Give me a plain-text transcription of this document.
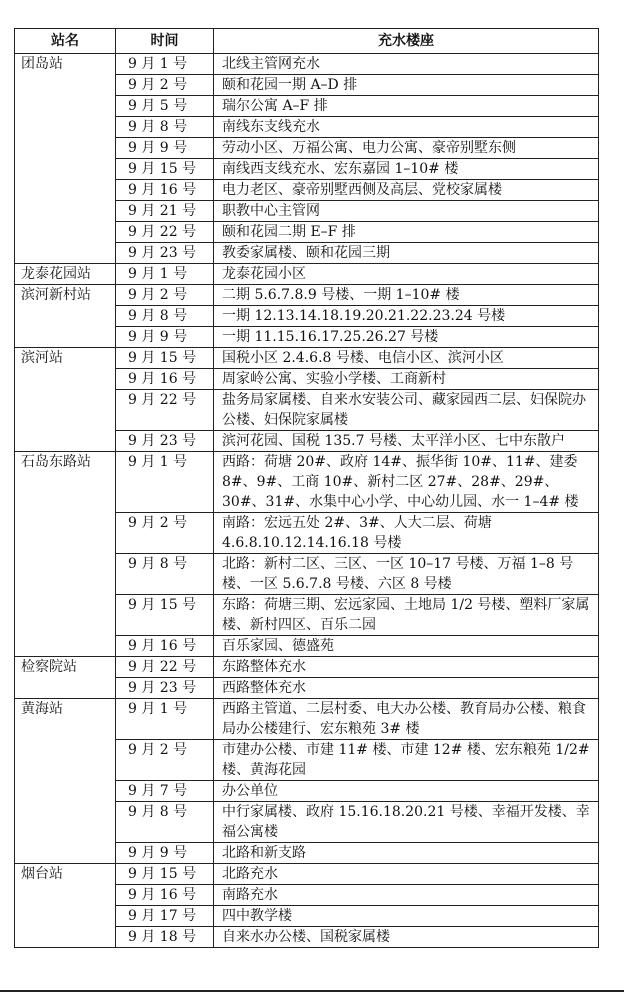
站名	时间	充水楼座
团岛站	9 月 1 号	北线主管网充水
	9 月 2 号	颐和花园一期 A–D 排
	9 月 5 号	瑞尔公寓 A–F 排
	9 月 8 号	南线东支线充水
	9 月 9 号	劳动小区、万福公寓、电力公寓、豪帝别墅东侧
	9 月 15 号	南线西支线充水、宏东嘉园 1–10# 楼
	9 月 16 号	电力老区、豪帝别墅西侧及高层、党校家属楼
	9 月 21 号	职教中心主管网
	9 月 22 号	颐和花园二期 E–F 排
	9 月 23 号	教委家属楼、颐和花园三期
龙泰花园站	9 月 1 号	龙泰花园小区
滨河新村站	9 月 2 号	二期 5.6.7.8.9 号楼、一期 1–10# 楼
	9 月 8 号	一期 12.13.14.18.19.20.21.22.23.24 号楼
	9 月 9 号	一期 11.15.16.17.25.26.27 号楼
滨河站	9 月 15 号	国税小区 2.4.6.8 号楼、电信小区、滨河小区
	9 月 16 号	周家岭公寓、实验小学楼、工商新村
	9 月 22 号	盐务局家属楼、自来水安装公司、藏家园西二层、妇保院办公楼、妇保院家属楼
	9 月 23 号	滨河花园、国税 135.7 号楼、太平洋小区、七中东散户
石岛东路站	9 月 1 号	西路：荷塘 20#、政府 14#、振华街 10#、11#、建委 8#、9#、工商 10#、新村二区 27#、28#、29#、30#、31#、水集中心小学、中心幼儿园、水一 1–4# 楼
	9 月 2 号	南路：宏远五处 2#、3#、人大二层、荷塘 4.6.8.10.12.14.16.18 号楼
	9 月 8 号	北路：新村二区、三区、一区 10–17 号楼、万福 1–8 号楼、一区 5.6.7.8 号楼、六区 8 号楼
	9 月 15 号	东路：荷塘三期、宏远家园、土地局 1/2 号楼、塑料厂家属楼、新村四区、百乐二园
	9 月 16 号	百乐家园、德盛苑
检察院站	9 月 22 号	东路整体充水
	9 月 23 号	西路整体充水
黄海站	9 月 1 号	西路主管道、二层村委、电大办公楼、教育局办公楼、粮食局办公楼建行、宏东粮苑 3# 楼
	9 月 2 号	市建办公楼、市建 11# 楼、市建 12# 楼、宏东粮苑 1/2# 楼、黄海花园
	9 月 7 号	办公单位
	9 月 8 号	中行家属楼、政府 15.16.18.20.21 号楼、幸福开发楼、幸福公寓楼
	9 月 9 号	北路和新支路
烟台站	9 月 15 号	北路充水
	9 月 16 号	南路充水
	9 月 17 号	四中教学楼
	9 月 18 号	自来水办公楼、国税家属楼
